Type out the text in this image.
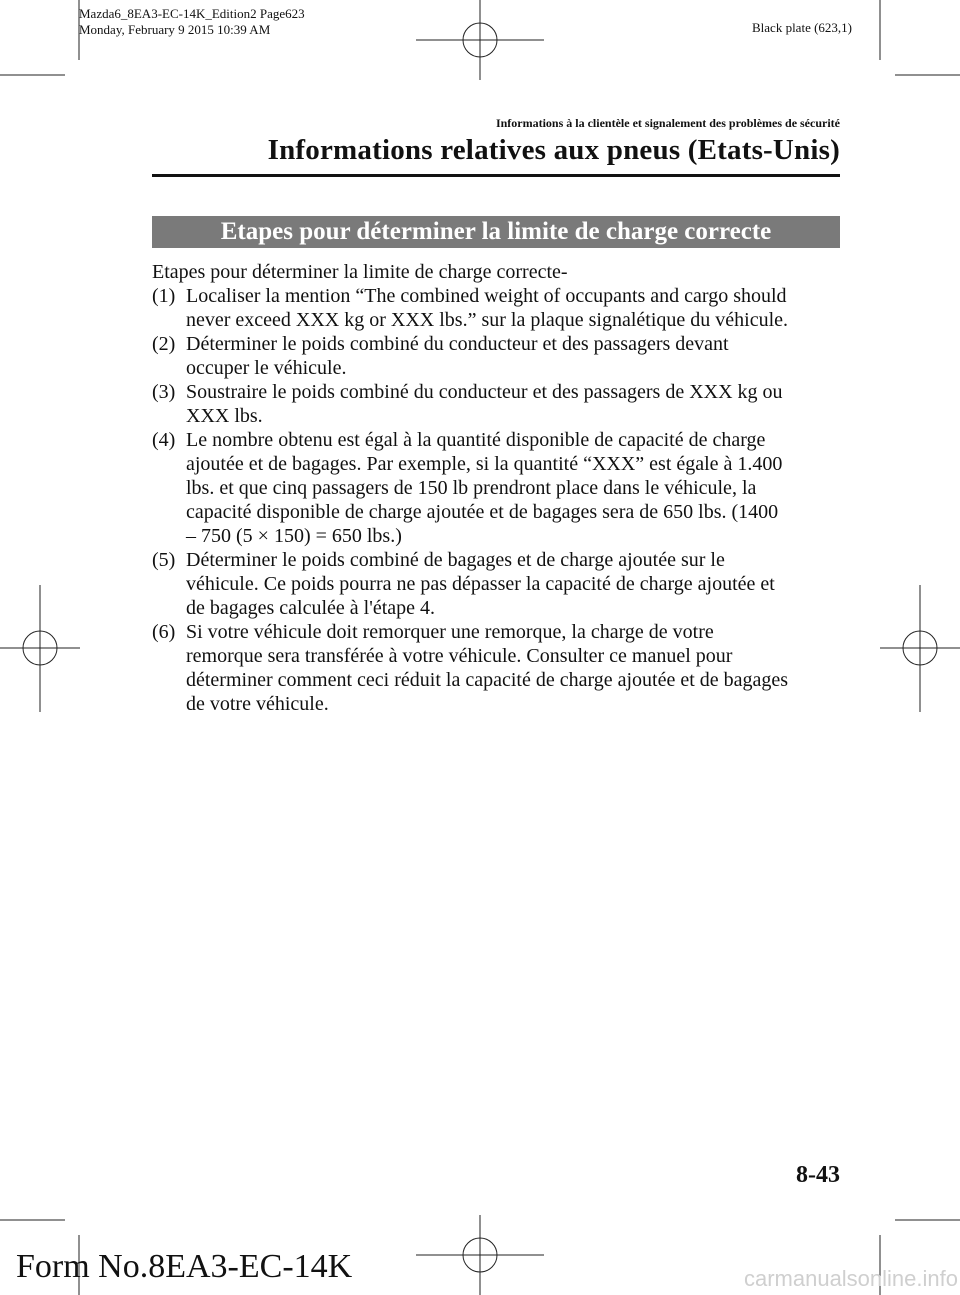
Mazda6_8EA3-EC-14K_Edition2 Page623
Monday, February 9 2015 10:39 AM	Black plate (623,1)
Informations à la clientèle et signalement des problèmes de sécurité
Informations relatives aux pneus (Etats-Unis)
Etapes pour déterminer la limite de charge correcte

Etapes pour déterminer la limite de charge correcte-

(1) Localiser la mention “The combined weight of occupants and cargo should
never exceed XXX kg or XXX lbs.” sur la plaque signalétique du véhicule.
(2) Déterminer le poids combiné du conducteur et des passagers devant
occuper le véhicule.
(3) Soustraire le poids combiné du conducteur et des passagers de XXX kg ou
XXX lbs.
(4) Le nombre obtenu est égal à la quantité disponible de capacité de charge
ajoutée et de bagages. Par exemple, si la quantité “XXX” est égale à 1.400
lbs. et que cinq passagers de 150 lb prendront place dans le véhicule, la
capacité disponible de charge ajoutée et de bagages sera de 650 lbs. (1400
– 750 (5 × 150) = 650 lbs.)
(5) Déterminer le poids combiné de bagages et de charge ajoutée sur le
véhicule. Ce poids pourra ne pas dépasser la capacité de charge ajoutée et
de bagages calculée à l'étape 4.
(6) Si votre véhicule doit remorquer une remorque, la charge de votre
remorque sera transférée à votre véhicule. Consulter ce manuel pour
déterminer comment ceci réduit la capacité de charge ajoutée et de bagages
de votre véhicule.
8-43
Form No.8EA3-EC-14K	carmanualsonline.info
